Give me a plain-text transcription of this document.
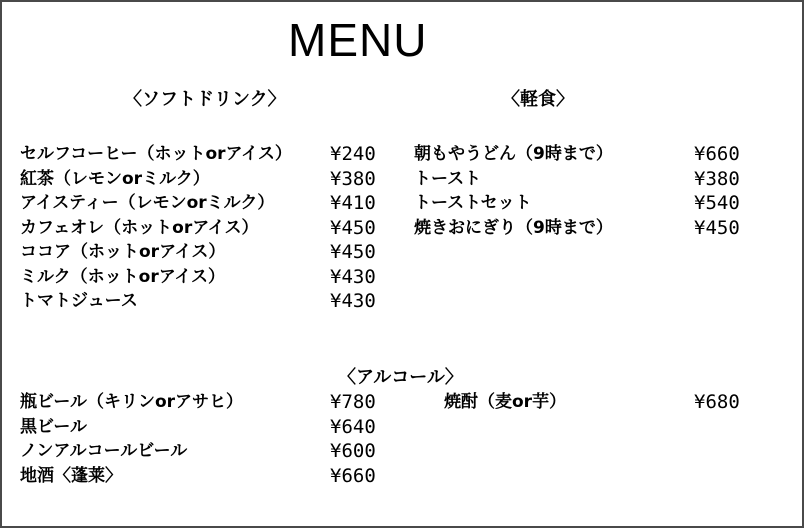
MENU
〈ソフトドリンク〉	〈軽食〉
セルフコーヒー（ホットorアイス） ¥240
紅茶（レモンorミルク）	¥380
アイスティー（レモンorミルク）	¥410
カフェオレ（ホットorアイス）	¥450
ココア（ホットorアイス）	¥450
ミルク（ホットorアイス）	¥430
トマトジュース	¥430
朝もやうどん（9時まで）	¥660
トースト	¥380
トーストセット	¥540
焼きおにぎり（9時まで）	¥450
〈アルコール〉
瓶ビール（キリンorアサヒ）	¥780
黒ビール	¥640
ノンアルコールビール	¥600
地酒〈蓬莱〉	¥660
焼酎（麦or芋）	¥680
